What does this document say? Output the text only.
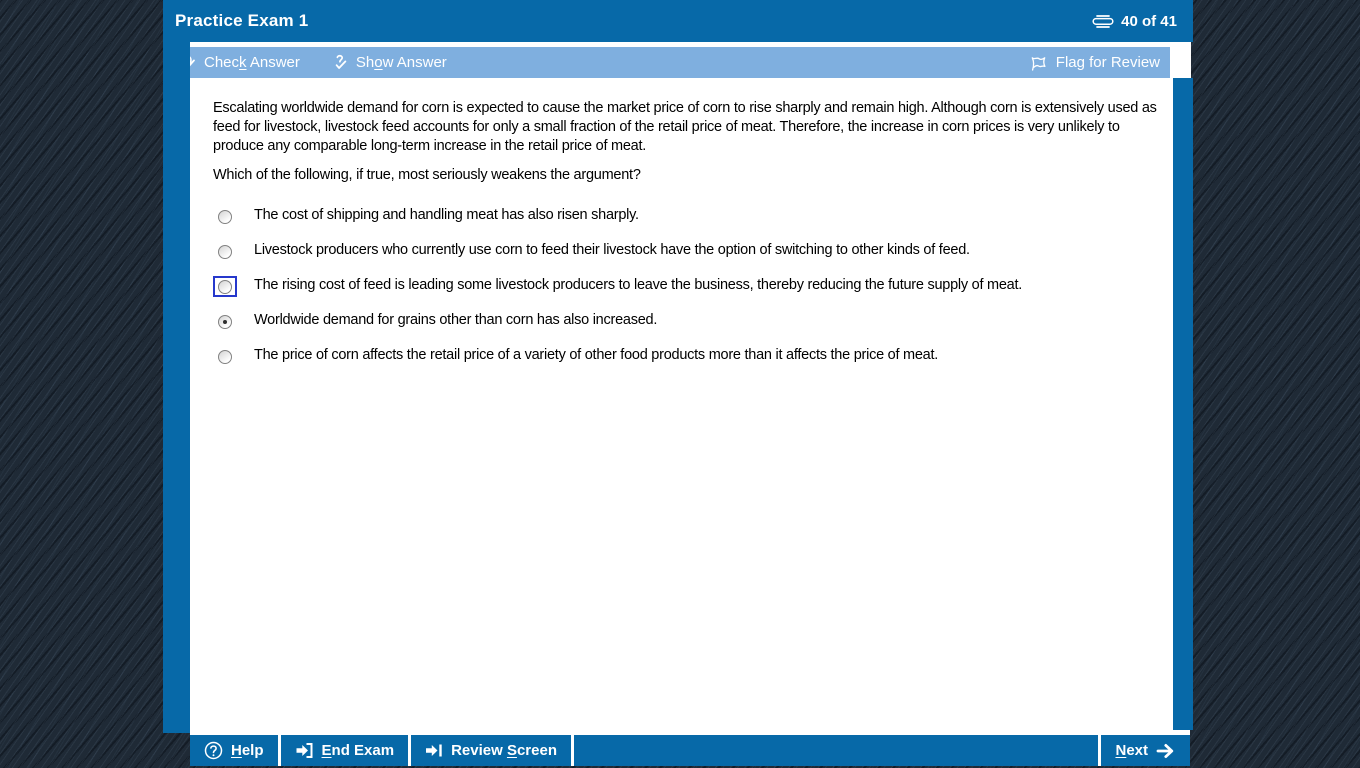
Practice Exam 1	40 of 41
Check Answer	Show Answer	Flag for Review

Escalating worldwide demand for corn is expected to cause the market price of corn to rise sharply and remain high. Although corn is extensively used as feed for livestock, livestock feed accounts for only a small fraction of the retail price of meat. Therefore, the increase in corn prices is very unlikely to produce any comparable long-term increase in the retail price of meat.

Which of the following, if true, most seriously weakens the argument?

The cost of shipping and handling meat has also risen sharply.
Livestock producers who currently use corn to feed their livestock have the option of switching to other kinds of feed.
The rising cost of feed is leading some livestock producers to leave the business, thereby reducing the future supply of meat.
Worldwide demand for grains other than corn has also increased.
The price of corn affects the retail price of a variety of other food products more than it affects the price of meat.
Help	End Exam	Review Screen	Next
